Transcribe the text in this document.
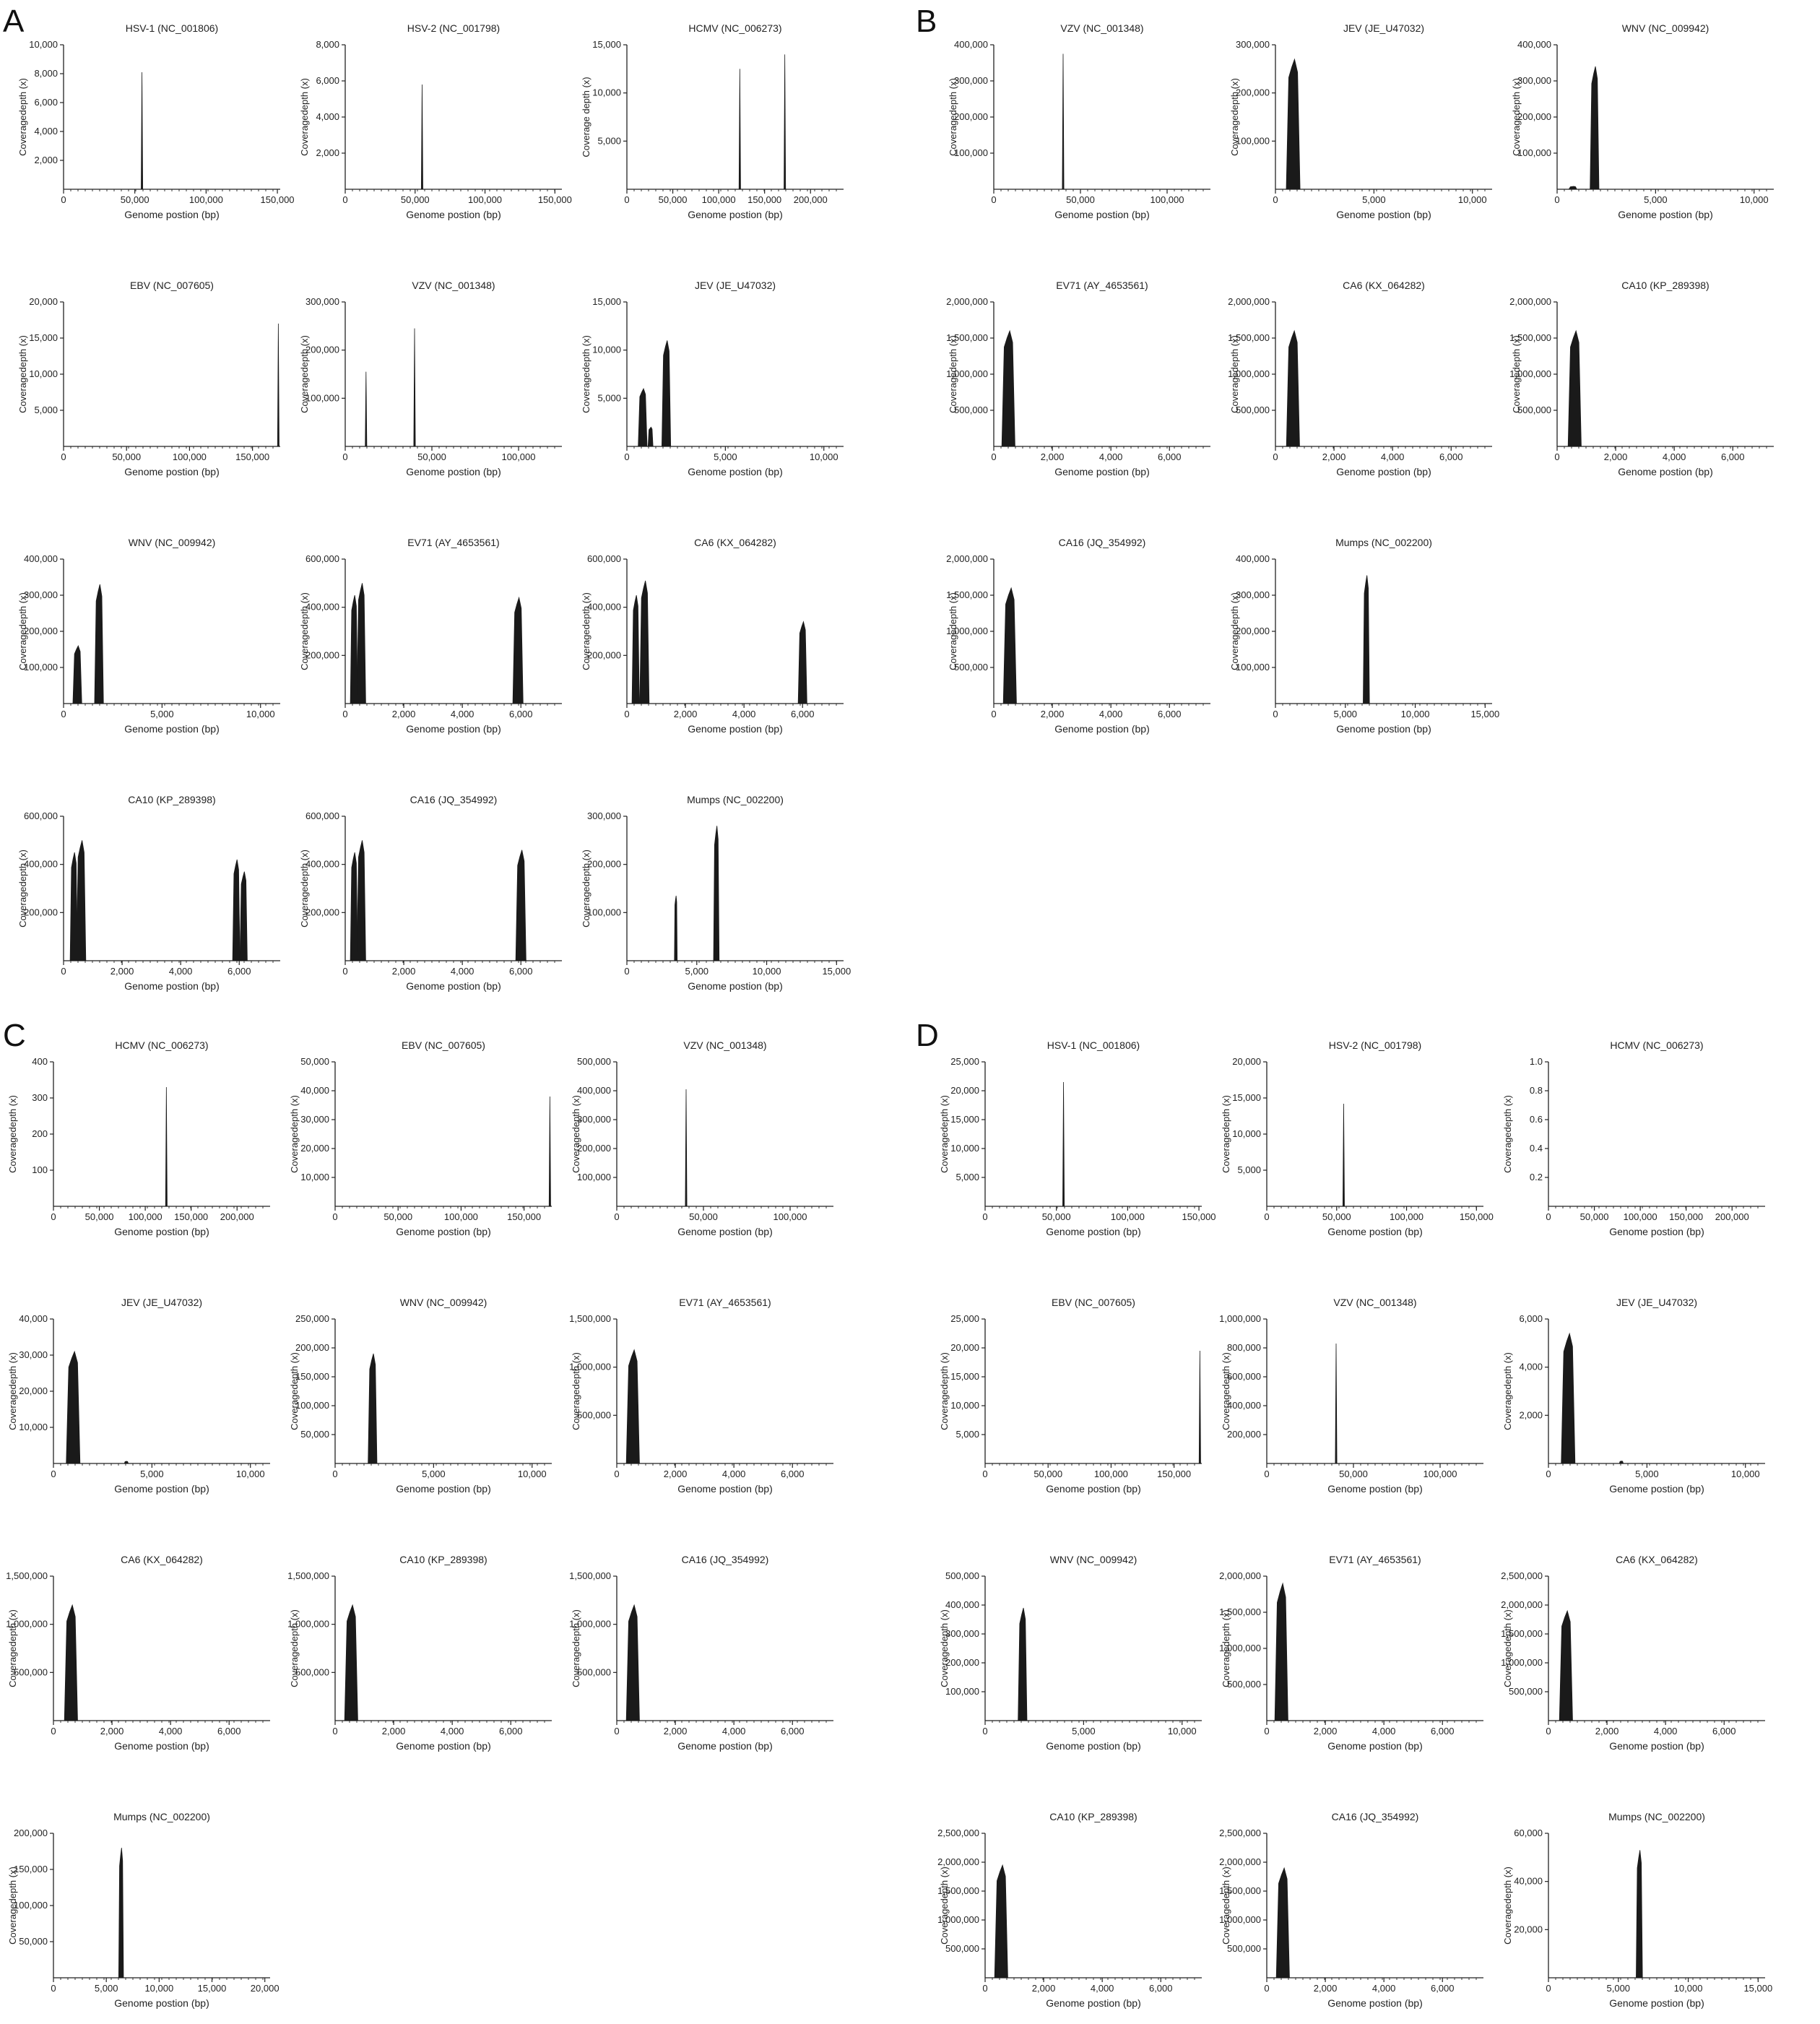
A	B
C	D
HSV-1 (NC_001806)
0	50,000	100,000	150,000
2,000
4,000
6,000
8,000
10,000
Genome postion (bp)
Coveragedepth (x)
HSV-2 (NC_001798)
0	50,000	100,000	150,000
2,000
4,000
6,000
8,000
Genome postion (bp)
Coveragedepth (x)
HCMV (NC_006273)
0	50,000 100,000 150,000 200,000
5,000
10,000
15,000
Genome postion (bp)
Coverage depth (x)
EBV (NC_007605)
0	50,000	100,000	150,000
5,000
10,000
15,000
20,000
Genome postion (bp)
Coveragedepth (x)
VZV (NC_001348)
0	50,000	100,000
100,000
200,000
300,000
Genome postion (bp)
Coveragedepth (x)
JEV (JE_U47032)
0	5,000	10,000
5,000
10,000
15,000
Genome postion (bp)
Coveragedepth (x)
WNV (NC_009942)
0	5,000	10,000
100,000
200,000
300,000
400,000
Genome postion (bp)
Coveragedepth (x)
EV71 (AY_4653561)
0	2,000	4,000	6,000
200,000
400,000
600,000
Genome postion (bp)
Coveragedepth (x)
CA6 (KX_064282)
0	2,000	4,000	6,000
200,000
400,000
600,000
Genome postion (bp)
Coveragedepth (x)
CA10 (KP_289398)
0	2,000	4,000	6,000
200,000
400,000
600,000
Genome postion (bp)
Coveragedepth (x)
CA16 (JQ_354992)
0	2,000	4,000	6,000
200,000
400,000
600,000
Genome postion (bp)
Coveragedepth (x)
Mumps (NC_002200)
0	5,000	10,000	15,000
100,000
200,000
300,000
Genome postion (bp)
Coveragedepth (x)
VZV (NC_001348)
0	50,000	100,000
100,000
200,000
300,000
400,000
Genome postion (bp)
Coveragedepth (x)
JEV (JE_U47032)
0	5,000	10,000
100,000
200,000
300,000
Genome postion (bp)
Coveragedepth (x)
WNV (NC_009942)
0	5,000	10,000
100,000
200,000
300,000
400,000
Genome postion (bp)
Coveragedepth (x)
EV71 (AY_4653561)
0	2,000	4,000	6,000
500,000
1,000,000
1,500,000
2,000,000
Genome postion (bp)
Coveragedepth (x)
CA6 (KX_064282)
0	2,000	4,000	6,000
500,000
1,000,000
1,500,000
2,000,000
Genome postion (bp)
Coveragedepth (x)
CA10 (KP_289398)
0	2,000	4,000	6,000
500,000
1,000,000
1,500,000
2,000,000
Genome postion (bp)
Coveragedepth (x)
CA16 (JQ_354992)
0	2,000	4,000	6,000
500,000
1,000,000
1,500,000
2,000,000
Genome postion (bp)
Coveragedepth (x)
Mumps (NC_002200)
0	5,000	10,000	15,000
100,000
200,000
300,000
400,000
Genome postion (bp)
Coveragedepth (x)
HCMV (NC_006273)
0	50,000 100,000 150,000 200,000
100
200
300
400
Genome postion (bp)
Coveragedepth (x)
EBV (NC_007605)
0	50,000	100,000	150,000
10,000
20,000
30,000
40,000
50,000
Genome postion (bp)
Coveragedepth (x)
VZV (NC_001348)
0	50,000	100,000
100,000
200,000
300,000
400,000
500,000
Genome postion (bp)
Coveragedepth (x)
JEV (JE_U47032)
0	5,000	10,000
10,000
20,000
30,000
40,000
Genome postion (bp)
Coveragedepth (x)
WNV (NC_009942)
0	5,000	10,000
50,000
100,000
150,000
200,000
250,000
Genome postion (bp)
Coveragedepth (x)
EV71 (AY_4653561)
0	2,000	4,000	6,000
500,000
1,000,000
1,500,000
Genome postion (bp)
Coveragedepth (x)
CA6 (KX_064282)
0	2,000	4,000	6,000
500,000
1,000,000
1,500,000
Genome postion (bp)
Coveragedepth (x)
CA10 (KP_289398)
0	2,000	4,000	6,000
500,000
1,000,000
1,500,000
Genome postion (bp)
Coveragedepth (x)
CA16 (JQ_354992)
0	2,000	4,000	6,000
500,000
1,000,000
1,500,000
Genome postion (bp)
Coveragedepth (x)
Mumps (NC_002200)
0	5,000	10,000	15,000	20,000
50,000
100,000
150,000
200,000
Genome postion (bp)
Coveragedepth (x)
HSV-1 (NC_001806)
0	50,000	100,000	150,000
5,000
10,000
15,000
20,000
25,000
Genome postion (bp)
Coveragedepth (x)
HSV-2 (NC_001798)
0	50,000	100,000	150,000
5,000
10,000
15,000
20,000
Genome postion (bp)
Coveragedepth (x)
HCMV (NC_006273)
0	50,000 100,000 150,000 200,000
0.2
0.4
0.6
0.8
1.0
Genome postion (bp)
Coveragedepth (x)
EBV (NC_007605)
0	50,000	100,000	150,000
5,000
10,000
15,000
20,000
25,000
Genome postion (bp)
Coveragedepth (x)
VZV (NC_001348)
0	50,000	100,000
200,000
400,000
600,000
800,000
1,000,000
Genome postion (bp)
Coveragedepth (x)
JEV (JE_U47032)
0	5,000	10,000
2,000
4,000
6,000
Genome postion (bp)
Coveragedepth (x)
WNV (NC_009942)
0	5,000	10,000
100,000
200,000
300,000
400,000
500,000
Genome postion (bp)
Coveragedepth (x)
EV71 (AY_4653561)
0	2,000	4,000	6,000
500,000
1,000,000
1,500,000
2,000,000
Genome postion (bp)
Coveragedepth (x)
CA6 (KX_064282)
0	2,000	4,000	6,000
500,000
1,000,000
1,500,000
2,000,000
2,500,000
Genome postion (bp)
Coveragedepth (x)
CA10 (KP_289398)
0	2,000	4,000	6,000
500,000
1,000,000
1,500,000
2,000,000
2,500,000
Genome postion (bp)
Coveragedepth (x)
CA16 (JQ_354992)
0	2,000	4,000	6,000
500,000
1,000,000
1,500,000
2,000,000
2,500,000
Genome postion (bp)
Coveragedepth (x)
Mumps (NC_002200)
0	5,000	10,000	15,000
20,000
40,000
60,000
Genome postion (bp)
Coveragedepth (x)
